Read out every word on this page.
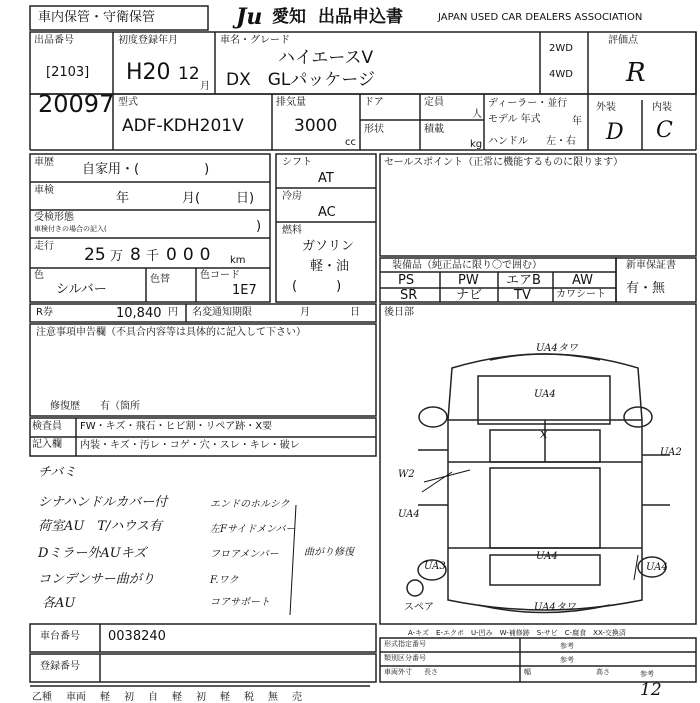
車内保管・守衛保管	Ju 愛知 出品申込書	JAPAN USED CAR DEALERS ASSOCIATION
出品番号
[2103]
20097
初度登録年月
H20 12
月
車名・グレード
ハイエースV
DX　GLパッケージ
2WD
4WD
評価点
R
外装	内装
D C
型式
ADF-KDH201V
排気量
3000
cc
ドア	定員
人
形状	積載
kg
ディーラー・並行
モデル 年式	年
ハンドル 左・右
車歴 自家用・(　　　　　)
車検
年	月(	日)
受検形態
車検付きの場合の記入(	)
走行 25 万 8 千 000 km
色
シルバー
色替	色コード
1E7
シフト
AT
冷房
AC
燃料
ガソリン
軽・油
(　　　)
セールスポイント（正常に機能するものに限ります）
装備品（純正品に限り〇で囲む）
PS	PW エアB AW
SR	ナビ TV	カワシート
新車保証書
有・無
R券	10,840 円 名変通知期限	月	日 後日部
注意事項申告欄（不具合内容等は具体的に記入して下さい）
修復歴　　有（箇所
検査員
記入欄
FW・キズ・飛石・ヒビ割・リペア跡・X要
内装・キズ・汚レ・コゲ・穴・スレ・キレ・破レ
チバミ
シナハンドルカバー付
荷室AU　T/ハウス有
Dミラー外AUキズ
コンデンサー曲がり
各AU
エンドのホルシク
左Fサイドメンバー
フロアメンバー
F.ワク
コアサポート
曲がり修復
UA4タワ
UA4
x
UA2
W2
UA4
UA4
UA3	UA4
UA4タワ
スペア
A-キズ　E-エクボ　U-凹み　W-補修跡　S-サビ　C-腐食　XX-交換済
車台番号 0038240
登録番号
形式指定番号
類別区分番号
車両外寸 長さ	幅	高さ
参考
参考
参考
乙種 車両 軽 初 自 軽 初 軽 税 無 売	12
